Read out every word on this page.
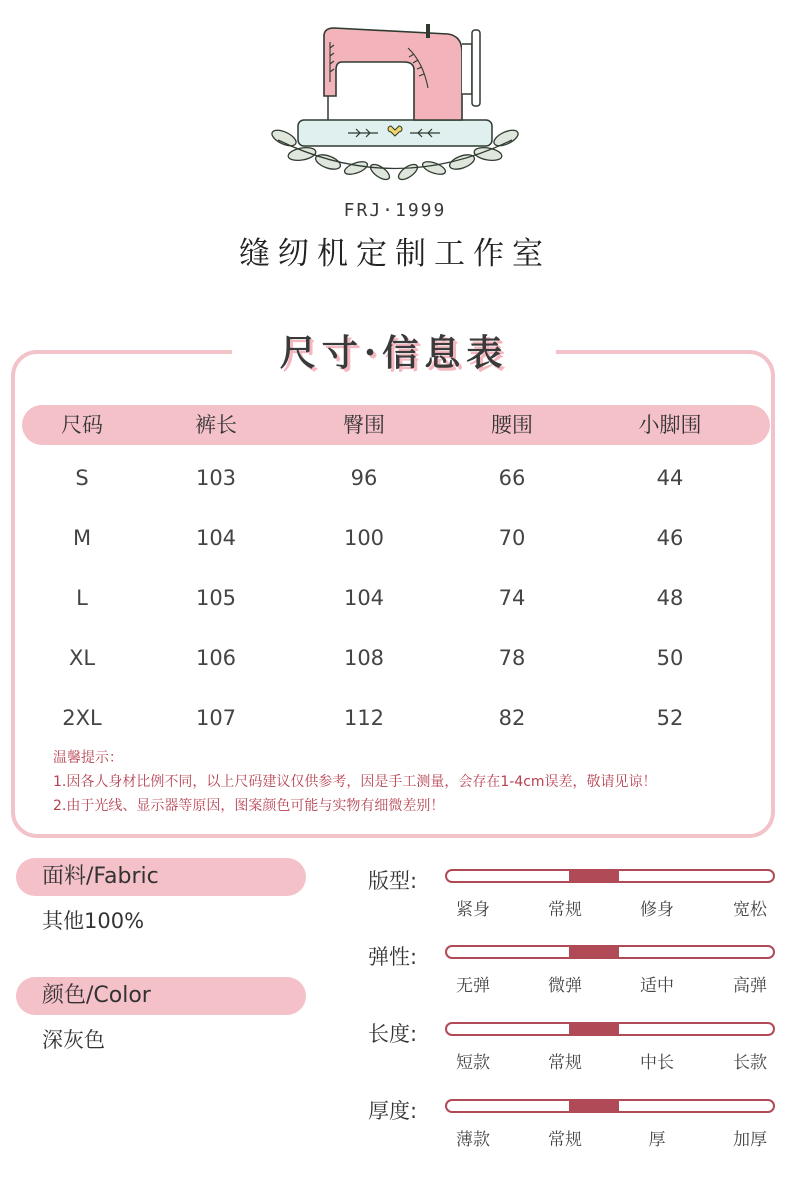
FRJ·1999
缝纫机定制工作室
尺寸·信息表
尺码	裤长	臀围	腰围	小脚围
S	103	96	66	44
M	104	100	70	46
L	105	104	74	48
XL	106	108	78	50
2XL	107	112	82	52
温馨提示：
1.因各人身材比例不同，以上尺码建议仅供参考，因是手工测量，会存在1-4cm误差，敬请见谅！
2.由于光线、显示器等原因，图案颜色可能与实物有细微差别！
面料/Fabric
其他100%
颜色/Color
深灰色
版型:
紧身	常规	修身	宽松
弹性:
无弹	微弹	适中	高弹
长度:
短款	常规	中长	长款
厚度:
薄款	常规	厚	加厚
